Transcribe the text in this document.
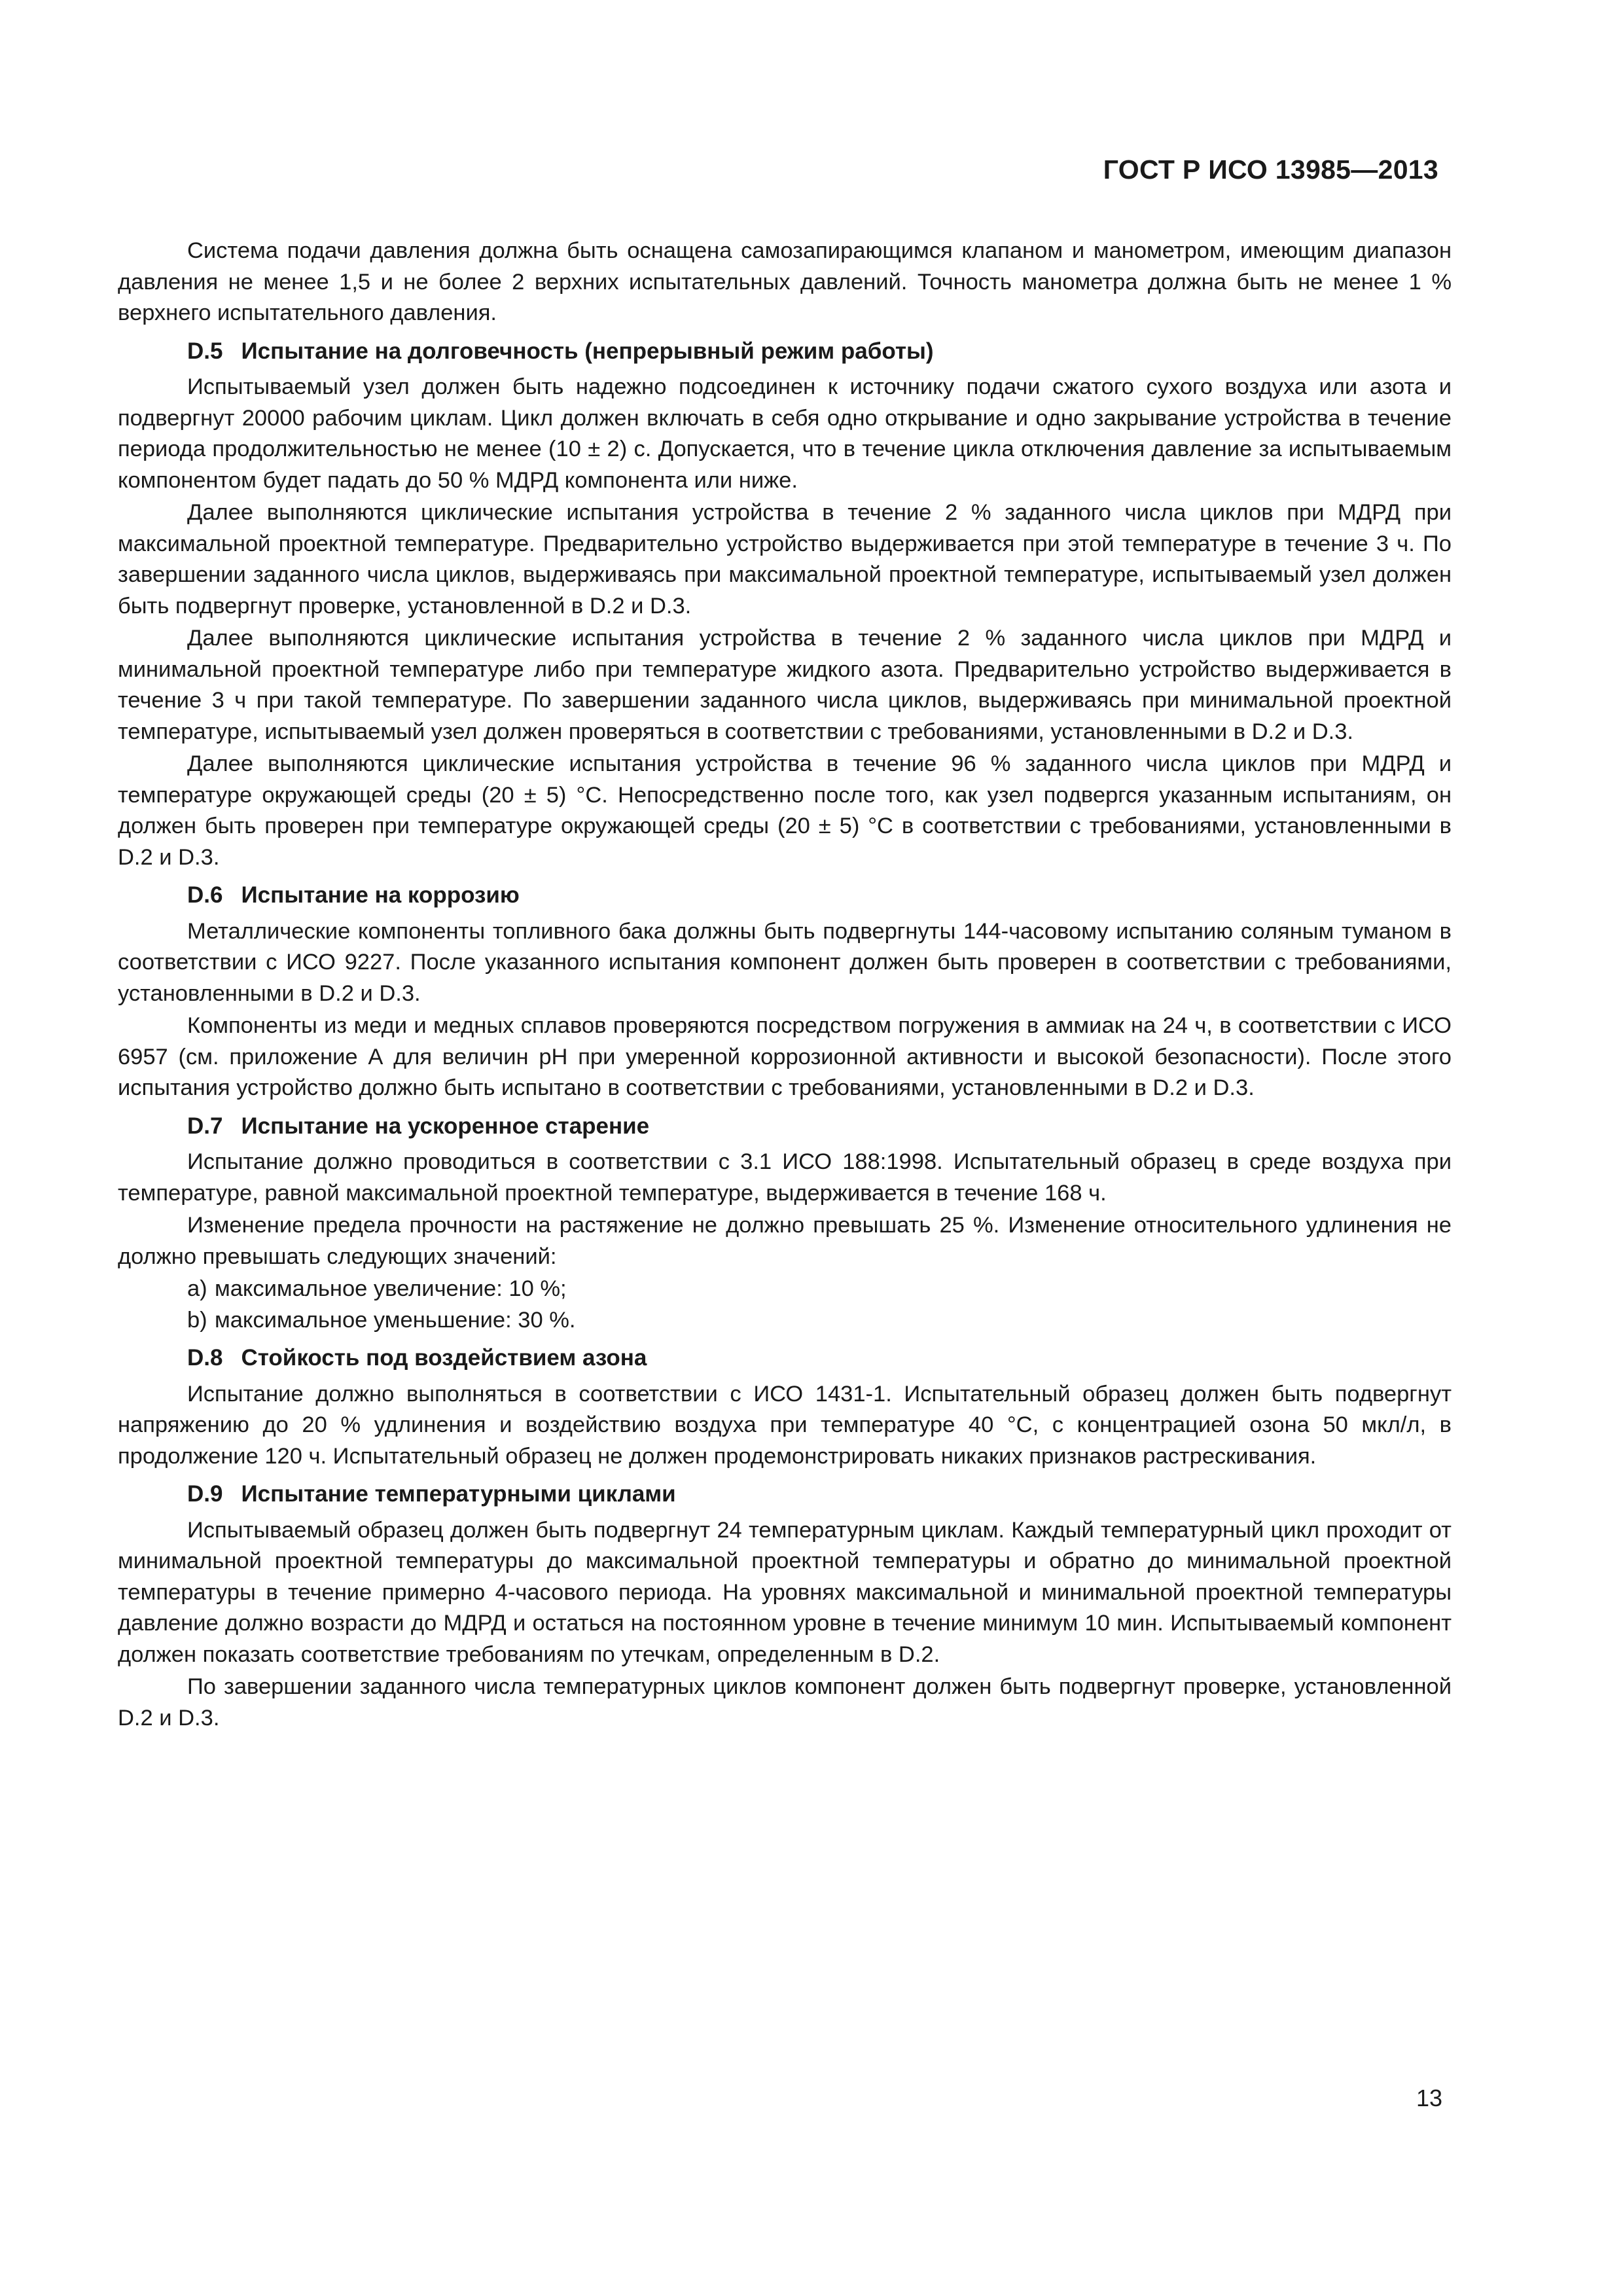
ГОСТ Р ИСО 13985—2013

Система подачи давления должна быть оснащена самозапирающимся клапаном и манометром, имеющим диапазон давления не менее 1,5 и не более 2 верхних испытательных давлений. Точность манометра должна быть не менее 1 % верхнего испытательного давления.

D.5 Испытание на долговечность (непрерывный режим работы)

Испытываемый узел должен быть надежно подсоединен к источнику подачи сжатого сухого воздуха или азота и подвергнут 20000 рабочим циклам. Цикл должен включать в себя одно открывание и одно закрывание устройства в течение периода продолжительностью не менее (10 ± 2) с. Допускается, что в течение цикла отключения давление за испытываемым компонентом будет падать до 50 % МДРД компонента или ниже.

Далее выполняются циклические испытания устройства в течение 2 % заданного числа циклов при МДРД при максимальной проектной температуре. Предварительно устройство выдерживается при этой температуре в течение 3 ч. По завершении заданного числа циклов, выдерживаясь при максимальной проектной температуре, испытываемый узел должен быть подвергнут проверке, установленной в D.2 и D.3.

Далее выполняются циклические испытания устройства в течение 2 % заданного числа циклов при МДРД и минимальной проектной температуре либо при температуре жидкого азота. Предварительно устройство выдерживается в течение 3 ч при такой температуре. По завершении заданного числа циклов, выдерживаясь при минимальной проектной температуре, испытываемый узел должен проверяться в соответствии с требованиями, установленными в D.2 и D.3.

Далее выполняются циклические испытания устройства в течение 96 % заданного числа циклов при МДРД и температуре окружающей среды (20 ± 5) °С. Непосредственно после того, как узел подвергся указанным испытаниям, он должен быть проверен при температуре окружающей среды (20 ± 5) °С в соответствии с требованиями, установленными в D.2 и D.3.

D.6 Испытание на коррозию

Металлические компоненты топливного бака должны быть подвергнуты 144-часовому испытанию соляным туманом в соответствии с ИСО 9227. После указанного испытания компонент должен быть проверен в соответствии с требованиями, установленными в D.2 и D.3.

Компоненты из меди и медных сплавов проверяются посредством погружения в аммиак на 24 ч, в соответствии с ИСО 6957 (см. приложение А для величин pH при умеренной коррозионной активности и высокой безопасности). После этого испытания устройство должно быть испытано в соответствии с требованиями, установленными в D.2 и D.3.

D.7 Испытание на ускоренное старение

Испытание должно проводиться в соответствии с 3.1 ИСО 188:1998. Испытательный образец в среде воздуха при температуре, равной максимальной проектной температуре, выдерживается в течение 168 ч.

Изменение предела прочности на растяжение не должно превышать 25 %. Изменение относительного удлинения не должно превышать следующих значений:

a) максимальное увеличение: 10 %;
b) максимальное уменьшение: 30 %.
D.8 Стойкость под воздействием азона

Испытание должно выполняться в соответствии с ИСО 1431-1. Испытательный образец должен быть подвергнут напряжению до 20 % удлинения и воздействию воздуха при температуре 40 °С, с концентрацией озона 50 мкл/л, в продолжение 120 ч. Испытательный образец не должен продемонстрировать никаких признаков растрескивания.

D.9 Испытание температурными циклами

Испытываемый образец должен быть подвергнут 24 температурным циклам. Каждый температурный цикл проходит от минимальной проектной температуры до максимальной проектной температуры и обратно до минимальной проектной температуры в течение примерно 4-часового периода. На уровнях максимальной и минимальной проектной температуры давление должно возрасти до МДРД и остаться на постоянном уровне в течение минимум 10 мин. Испытываемый компонент должен показать соответствие требованиям по утечкам, определенным в D.2.

По завершении заданного числа температурных циклов компонент должен быть подвергнут проверке, установленной D.2 и D.3.

13
